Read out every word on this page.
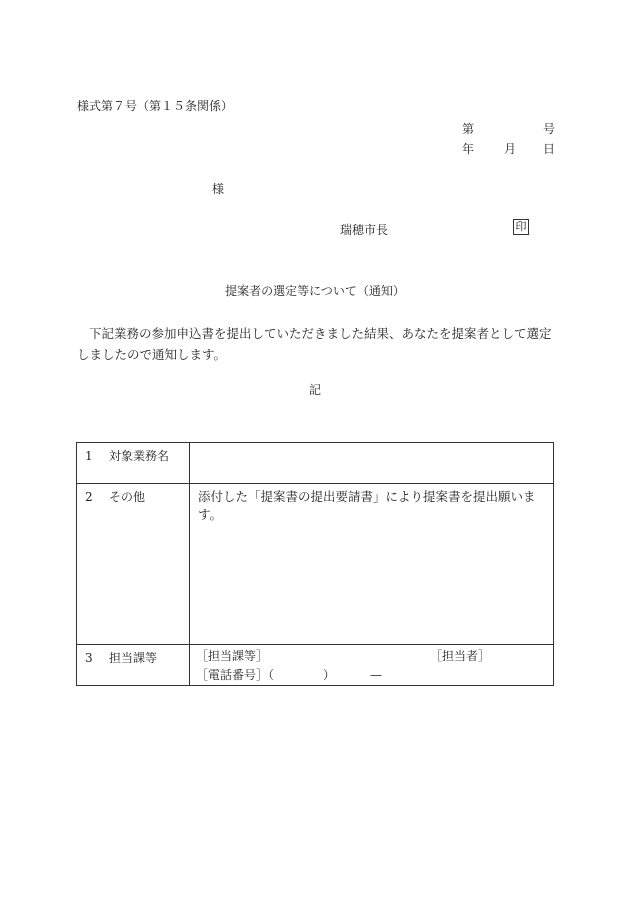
様式第７号（第１５条関係）
第	号
年 月 日
様
瑞穂市長	印
提案者の選定等について（通知）
下記業務の参加申込書を提出していただきました結果、あなたを提案者として選定しましたので通知します。
記
1 対象業務名	

2 その他	添付した「提案書の提出要請書」により提案書を提出願います。

3 担当課等	［担当課等］ ［担当者］
［電話番号］（ ） —
